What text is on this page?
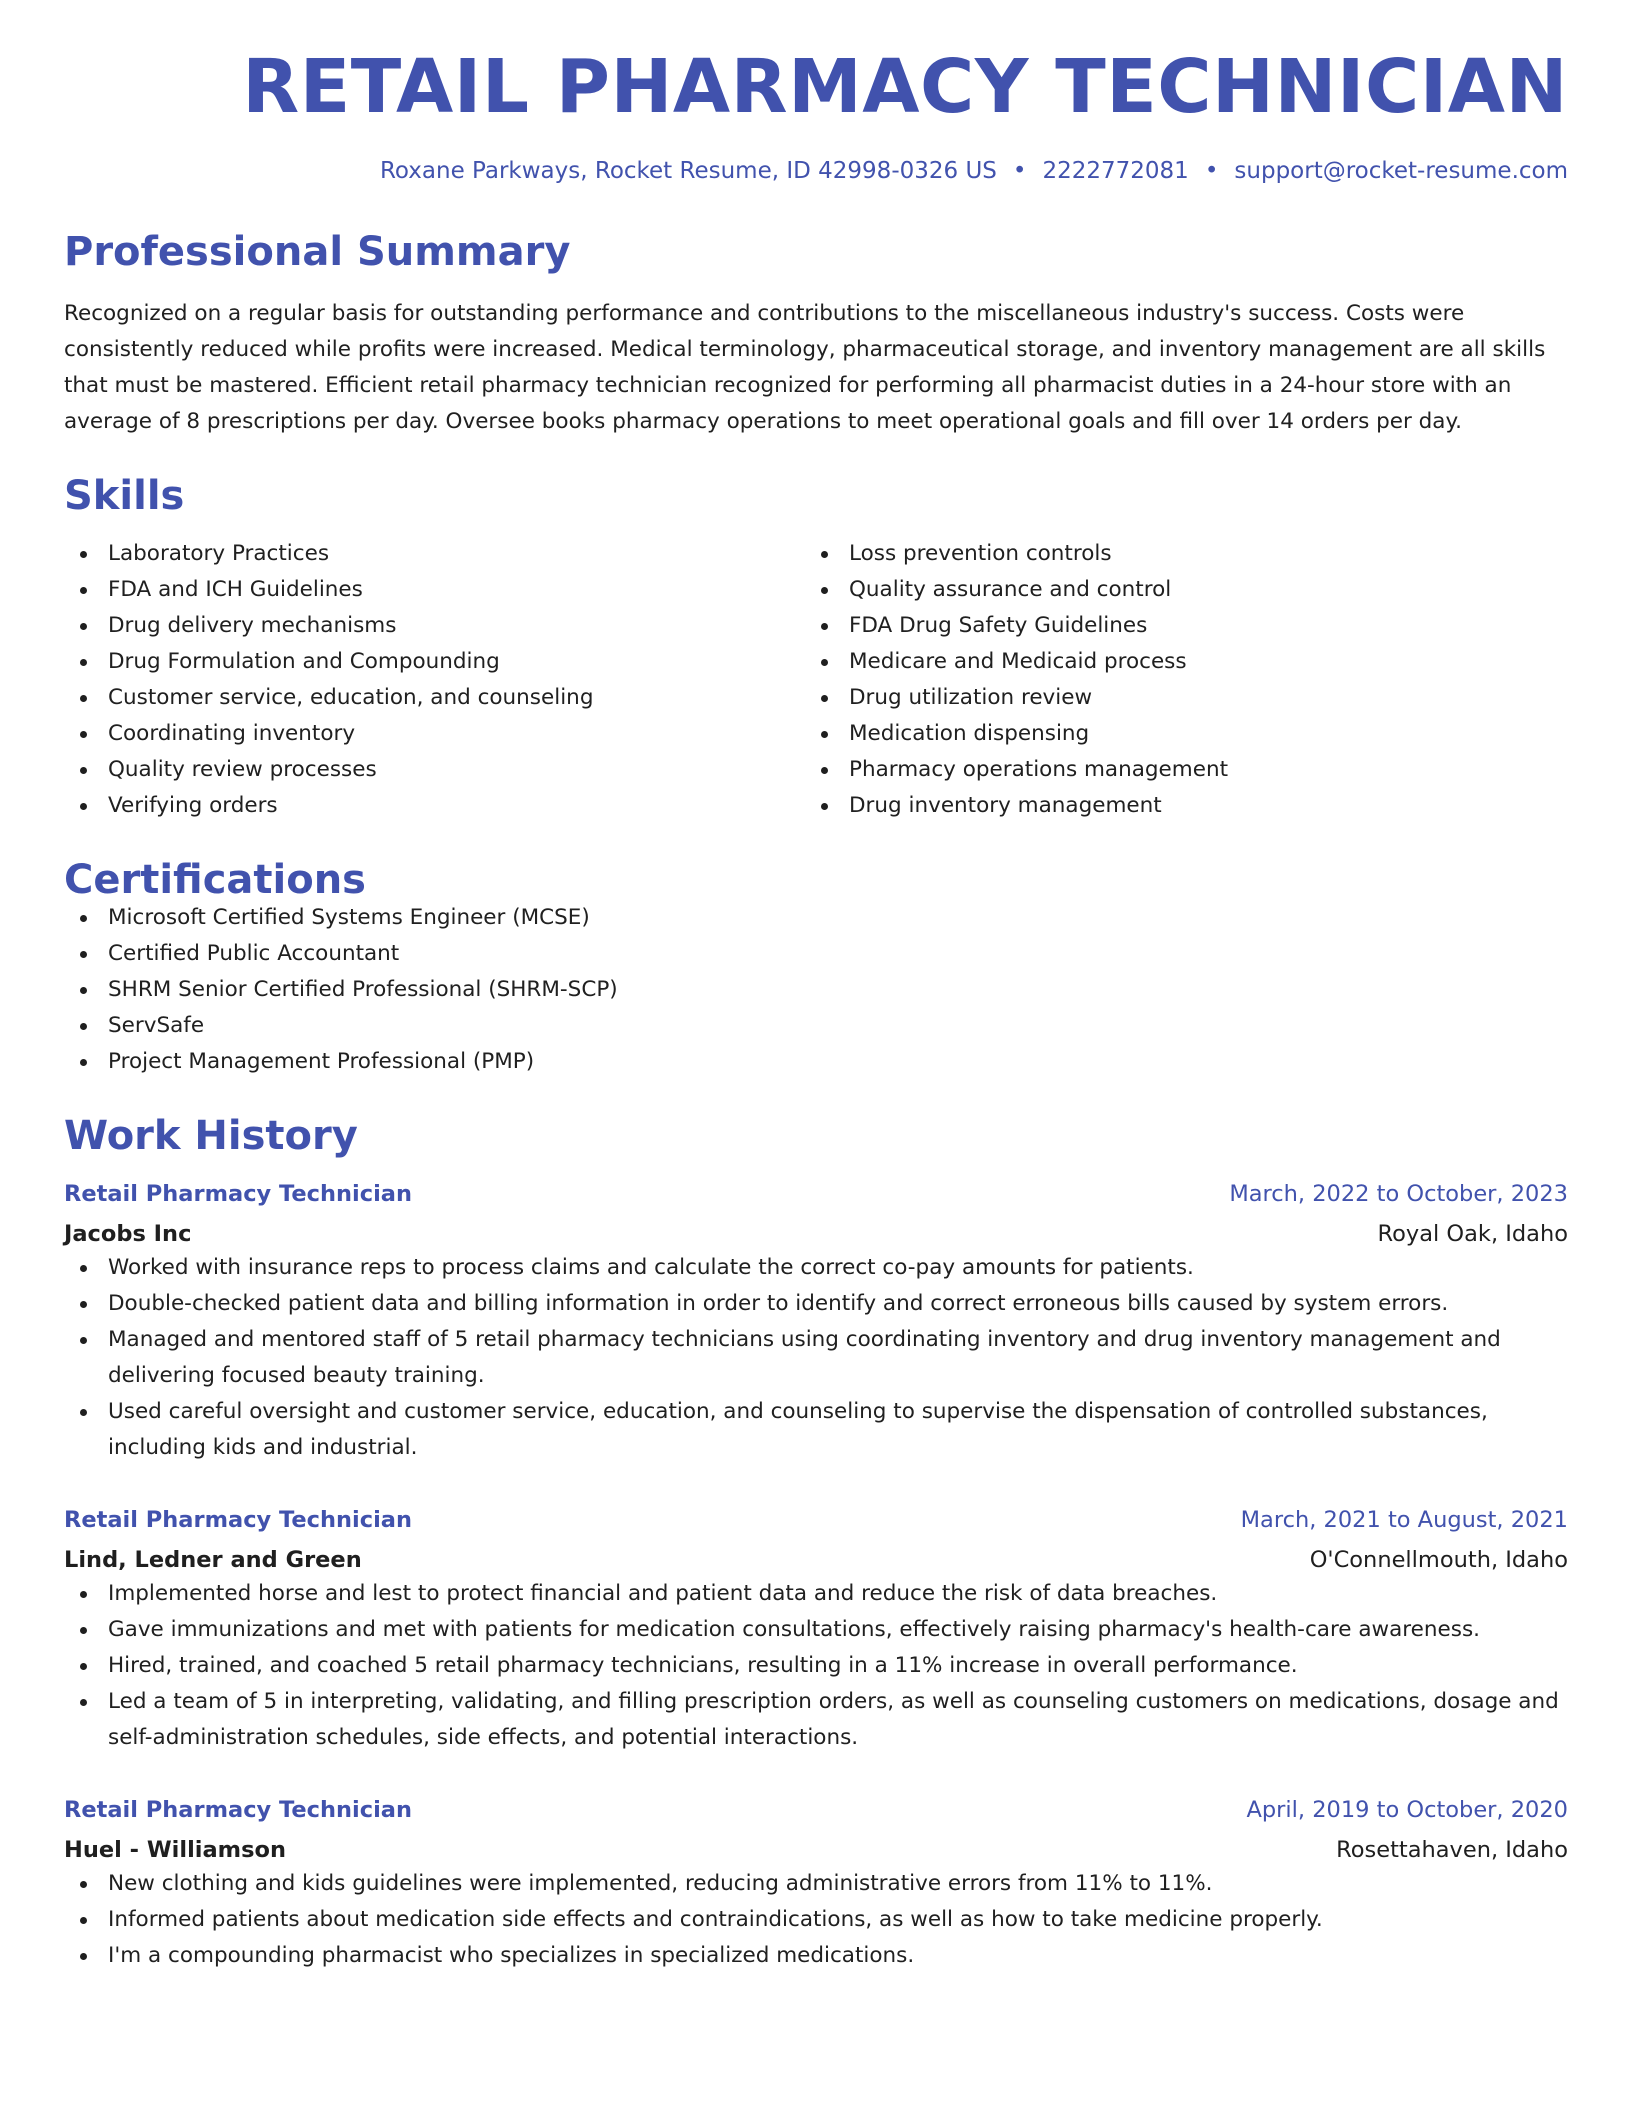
RETAIL PHARMACY TECHNICIAN
Roxane Parkways, Rocket Resume, ID 42998-0326 US • 2222772081 • support@rocket-resume.com
Professional Summary

Recognized on a regular basis for outstanding performance and contributions to the miscellaneous industry's success. Costs were consistently reduced while profits were increased. Medical terminology, pharmaceutical storage, and inventory management are all skills that must be mastered. Efficient retail pharmacy technician recognized for performing all pharmacist duties in a 24-hour store with an average of 8 prescriptions per day. Oversee books pharmacy operations to meet operational goals and fill over 14 orders per day.

Skills
Laboratory Practices
FDA and ICH Guidelines
Drug delivery mechanisms
Drug Formulation and Compounding
Customer service, education, and counseling
Coordinating inventory
Quality review processes
Verifying orders
Loss prevention controls
Quality assurance and control
FDA Drug Safety Guidelines
Medicare and Medicaid process
Drug utilization review
Medication dispensing
Pharmacy operations management
Drug inventory management
Certifications
Microsoft Certified Systems Engineer (MCSE)
Certified Public Accountant
SHRM Senior Certified Professional (SHRM-SCP)
ServSafe
Project Management Professional (PMP)
Work History
Retail Pharmacy Technician	March, 2022 to October, 2023
Jacobs Inc	Royal Oak, Idaho
Worked with insurance reps to process claims and calculate the correct co-pay amounts for patients.
Double-checked patient data and billing information in order to identify and correct erroneous bills caused by system errors.
Managed and mentored staff of 5 retail pharmacy technicians using coordinating inventory and drug inventory management and delivering focused beauty training.
Used careful oversight and customer service, education, and counseling to supervise the dispensation of controlled substances, including kids and industrial.
Retail Pharmacy Technician	March, 2021 to August, 2021
Lind, Ledner and Green	O'Connellmouth, Idaho
Implemented horse and lest to protect financial and patient data and reduce the risk of data breaches.
Gave immunizations and met with patients for medication consultations, effectively raising pharmacy's health-care awareness.
Hired, trained, and coached 5 retail pharmacy technicians, resulting in a 11% increase in overall performance.
Led a team of 5 in interpreting, validating, and filling prescription orders, as well as counseling customers on medications, dosage and self-administration schedules, side effects, and potential interactions.
Retail Pharmacy Technician	April, 2019 to October, 2020
Huel - Williamson	Rosettahaven, Idaho
New clothing and kids guidelines were implemented, reducing administrative errors from 11% to 11%.
Informed patients about medication side effects and contraindications, as well as how to take medicine properly.
I'm a compounding pharmacist who specializes in specialized medications.
